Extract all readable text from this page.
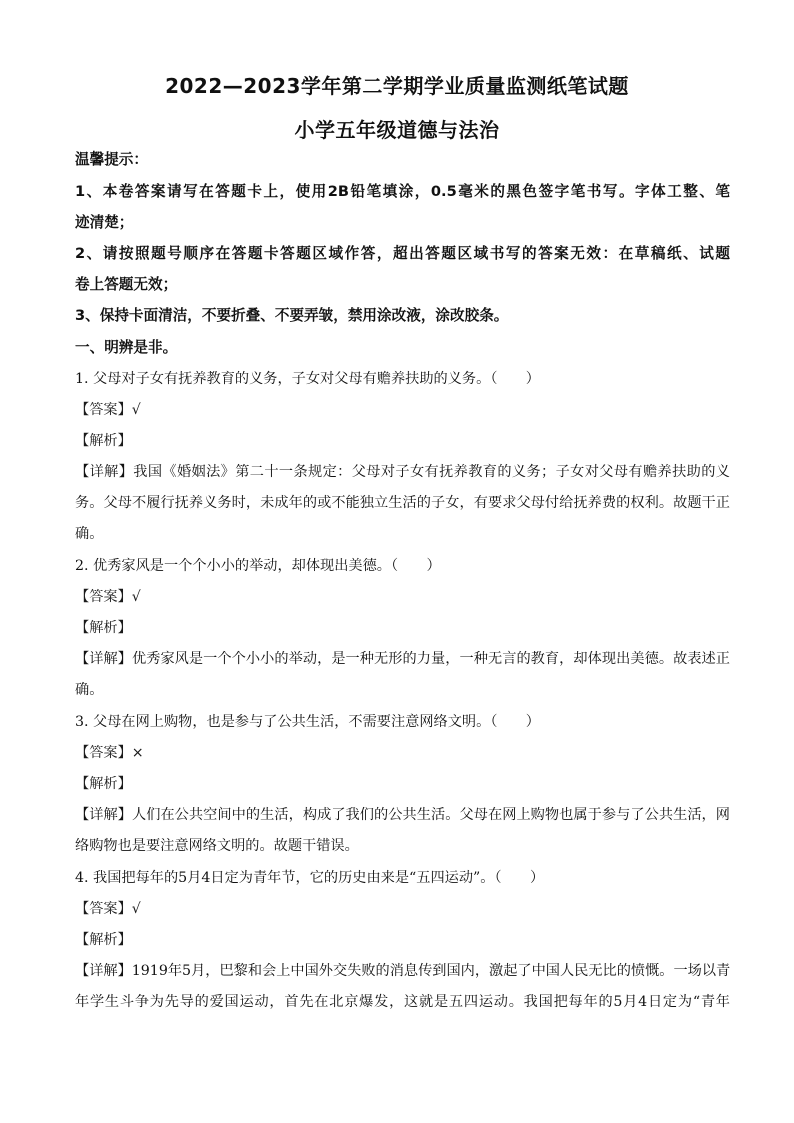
2022—2023学年第二学期学业质量监测纸笔试题
小学五年级道德与法治
温馨提示：
1、本卷答案请写在答题卡上，使用2B铅笔填涂，0.5毫米的黑色签字笔书写。字体工整、笔
迹清楚；
2、请按照题号顺序在答题卡答题区域作答，超出答题区域书写的答案无效：在草稿纸、试题
卷上答题无效；
3、保持卡面清洁，不要折叠、不要弄皱，禁用涂改液，涂改胶条。
一、明辨是非。
1. 父母对子女有抚养教育的义务，子女对父母有赡养扶助的义务。（　　）
【答案】√
【解析】
【详解】我国《婚姻法》第二十一条规定：父母对子女有抚养教育的义务；子女对父母有赡养扶助的义
务。父母不履行抚养义务时，未成年的或不能独立生活的子女，有要求父母付给抚养费的权利。故题干正
确。
2. 优秀家风是一个个小小的举动，却体现出美德。（　　）
【答案】√
【解析】
【详解】优秀家风是一个个小小的举动，是一种无形的力量，一种无言的教育，却体现出美德。故表述正
确。
3. 父母在网上购物，也是参与了公共生活，不需要注意网络文明。（　　）
【答案】×
【解析】
【详解】人们在公共空间中的生活，构成了我们的公共生活。父母在网上购物也属于参与了公共生活，网
络购物也是要注意网络文明的。故题干错误。
4. 我国把每年的5月4日定为青年节，它的历史由来是“五四运动”。（　　）
【答案】√
【解析】
【详解】1919年5月，巴黎和会上中国外交失败的消息传到国内，激起了中国人民无比的愤慨。一场以青
年学生斗争为先导的爱国运动，首先在北京爆发，这就是五四运动。我国把每年的5月4日定为“青年
